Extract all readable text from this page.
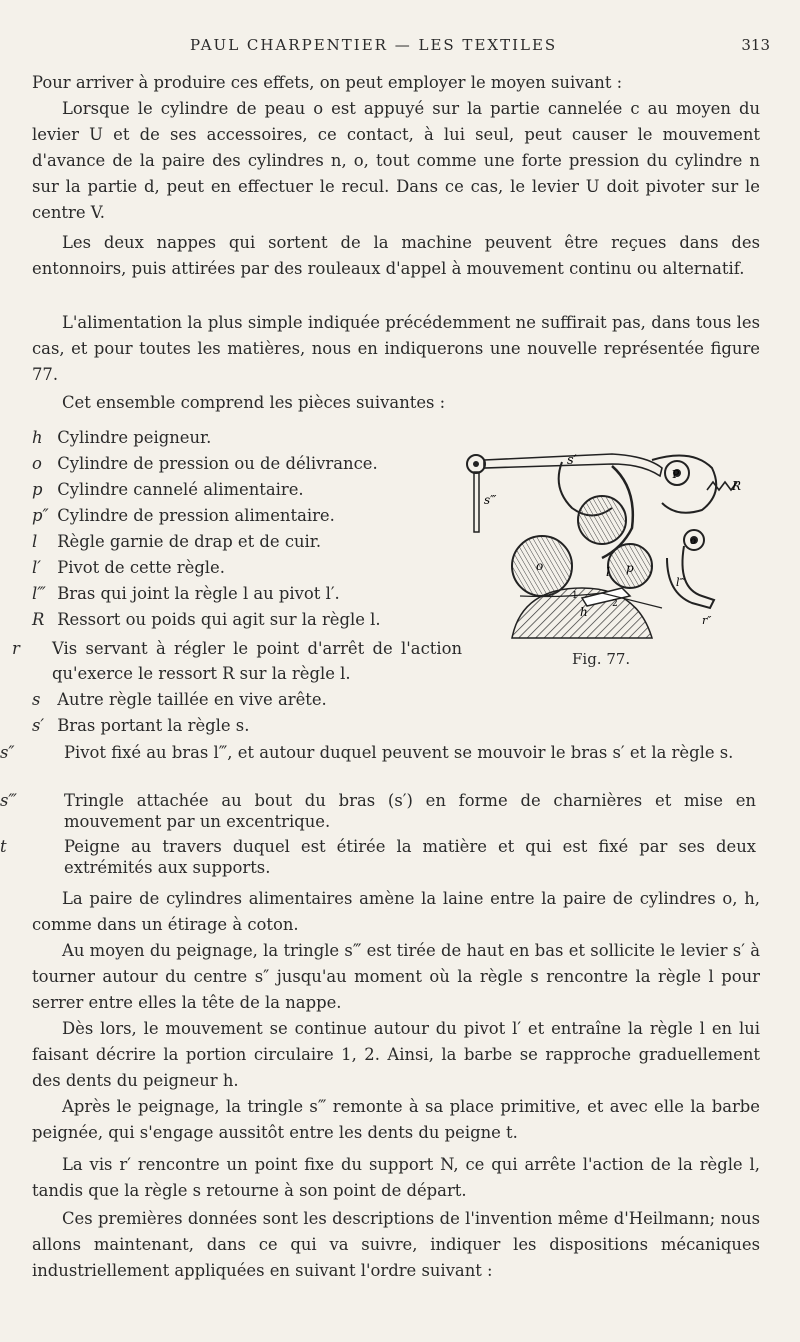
PAUL CHARPENTIER — LES TEXTILES	313

Pour arriver à produire ces effets, on peut employer le moyen suivant :

Lorsque le cylindre de peau o est appuyé sur la partie cannelée c au moyen du levier U et de ses accessoires, ce contact, à lui seul, peut causer le mouvement d'avance de la paire des cylindres n, o, tout comme une forte pression du cylindre n sur la partie d, peut en effectuer le recul. Dans ce cas, le levier U doit pivoter sur le centre V.

Les deux nappes qui sortent de la machine peuvent être reçues dans des entonnoirs, puis attirées par des rouleaux d'appel à mouvement continu ou alternatif.

L'alimentation la plus simple indiquée précédemment ne suffirait pas, dans tous les cas, et pour toutes les matières, nous en indiquerons une nouvelle représentée figure 77.

Cet ensemble comprend les pièces suivantes :

h Cylindre peigneur.
o Cylindre de pression ou de délivrance.
p Cylindre cannelé alimentaire.
p″ Cylindre de pression alimentaire.
l Règle garnie de drap et de cuir.
l′ Pivot de cette règle.
l‴ Bras qui joint la règle l au pivot l′.
R Ressort ou poids qui agit sur la règle l.
r Vis servant à régler le point d'arrêt de l'action qu'exerce le ressort R sur la règle l.
s Autre règle taillée en vive arête.
s′ Bras portant la règle s.
s″	Pivot fixé au bras l‴, et autour duquel peuvent se mouvoir le bras s′ et la règle s.
s‴	Tringle attachée au bout du bras (s′) en forme de charnières et mise en mouvement par un excentrique.
t	Peigne au travers duquel est étirée la matière et qui est fixé par ses deux extrémités aux supports.
s′
s‴
P
R
o
o	l p
h
l‴
r″
1
2
Fig. 77.

La paire de cylindres alimentaires amène la laine entre la paire de cylindres o, h, comme dans un étirage à coton.

Au moyen du peignage, la tringle s‴ est tirée de haut en bas et sollicite le levier s′ à tourner autour du centre s″ jusqu'au moment où la règle s rencontre la règle l pour serrer entre elles la tête de la nappe.

Dès lors, le mouvement se continue autour du pivot l′ et entraîne la règle l en lui faisant décrire la portion circulaire 1, 2. Ainsi, la barbe se rapproche graduellement des dents du peigneur h.

Après le peignage, la tringle s‴ remonte à sa place primitive, et avec elle la barbe peignée, qui s'engage aussitôt entre les dents du peigne t.

La vis r′ rencontre un point fixe du support N, ce qui arrête l'action de la règle l, tandis que la règle s retourne à son point de départ.

Ces premières données sont les descriptions de l'invention même d'Heilmann; nous allons maintenant, dans ce qui va suivre, indiquer les dispositions mécaniques industriellement appliquées en suivant l'ordre suivant :
